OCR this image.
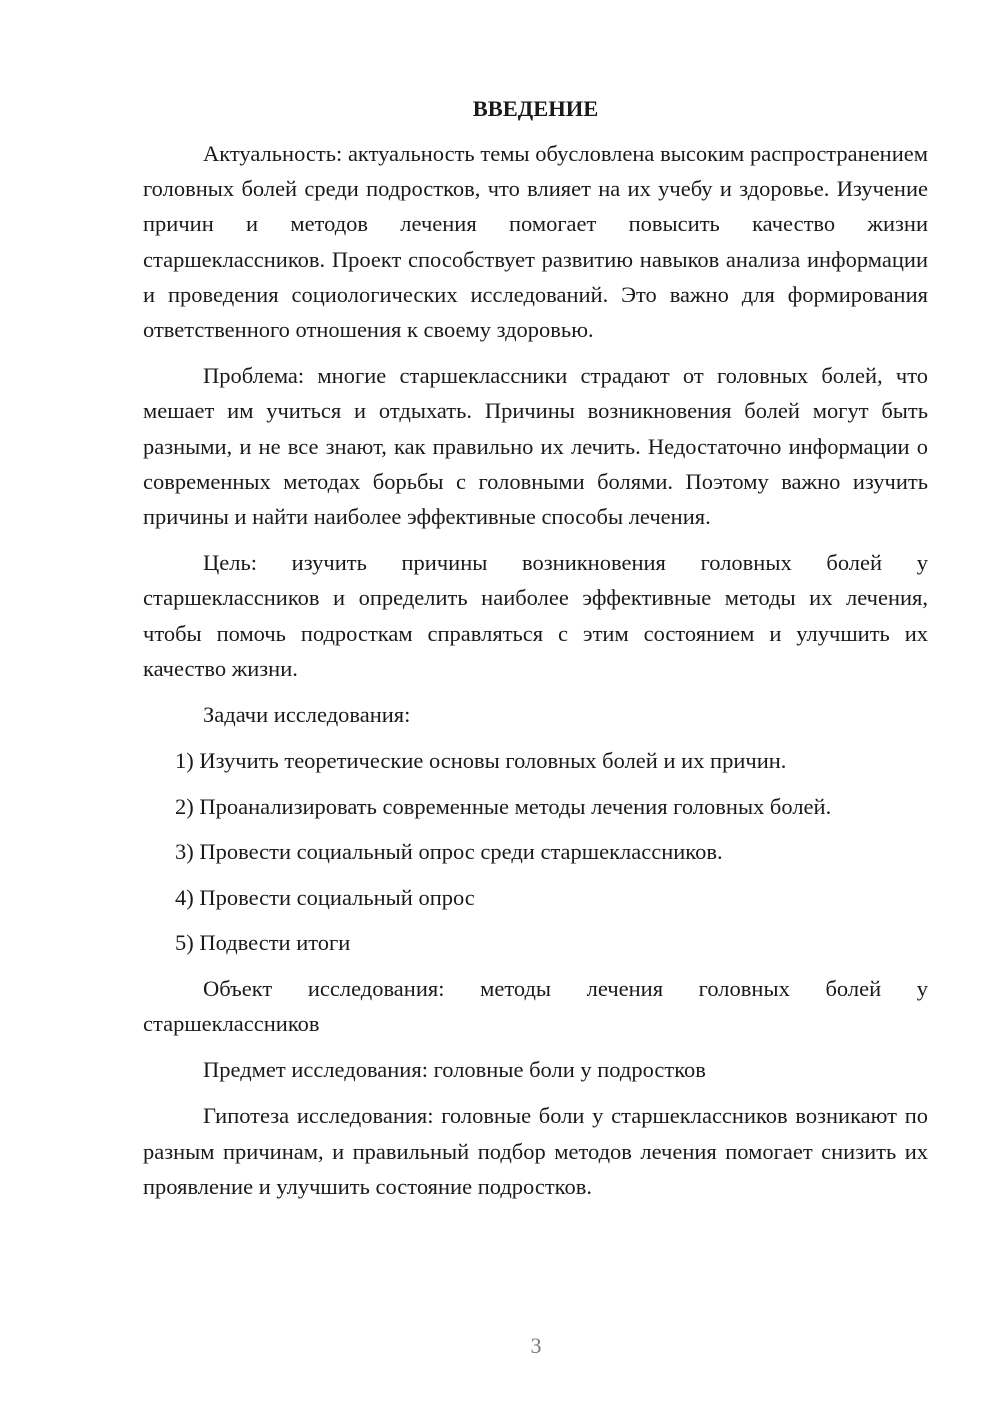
ВВЕДЕНИЕ

Актуальность: актуальность темы обусловлена высоким распространением головных болей среди подростков, что влияет на их учебу и здоровье. Изучение причин и методов лечения помогает повысить качество жизни старшеклассников. Проект способствует развитию навыков анализа информации и проведения социологических исследований. Это важно для формирования ответственного отношения к своему здоровью.

Проблема: многие старшеклассники страдают от головных болей, что мешает им учиться и отдыхать. Причины возникновения болей могут быть разными, и не все знают, как правильно их лечить. Недостаточно информации о современных методах борьбы с головными болями. Поэтому важно изучить причины и найти наиболее эффективные способы лечения.

Цель: изучить причины возникновения головных болей у старшеклассников и определить наиболее эффективные методы их лечения, чтобы помочь подросткам справляться с этим состоянием и улучшить их качество жизни.

Задачи исследования:

1) Изучить теоретические основы головных болей и их причин.
2) Проанализировать современные методы лечения головных болей.
3) Провести социальный опрос среди старшеклассников.
4) Провести социальный опрос
5) Подвести итоги

Объект исследования: методы лечения головных болей у старшеклассников

Предмет исследования: головные боли у подростков

Гипотеза исследования: головные боли у старшеклассников возникают по разным причинам, и правильный подбор методов лечения помогает снизить их проявление и улучшить состояние подростков.

3
